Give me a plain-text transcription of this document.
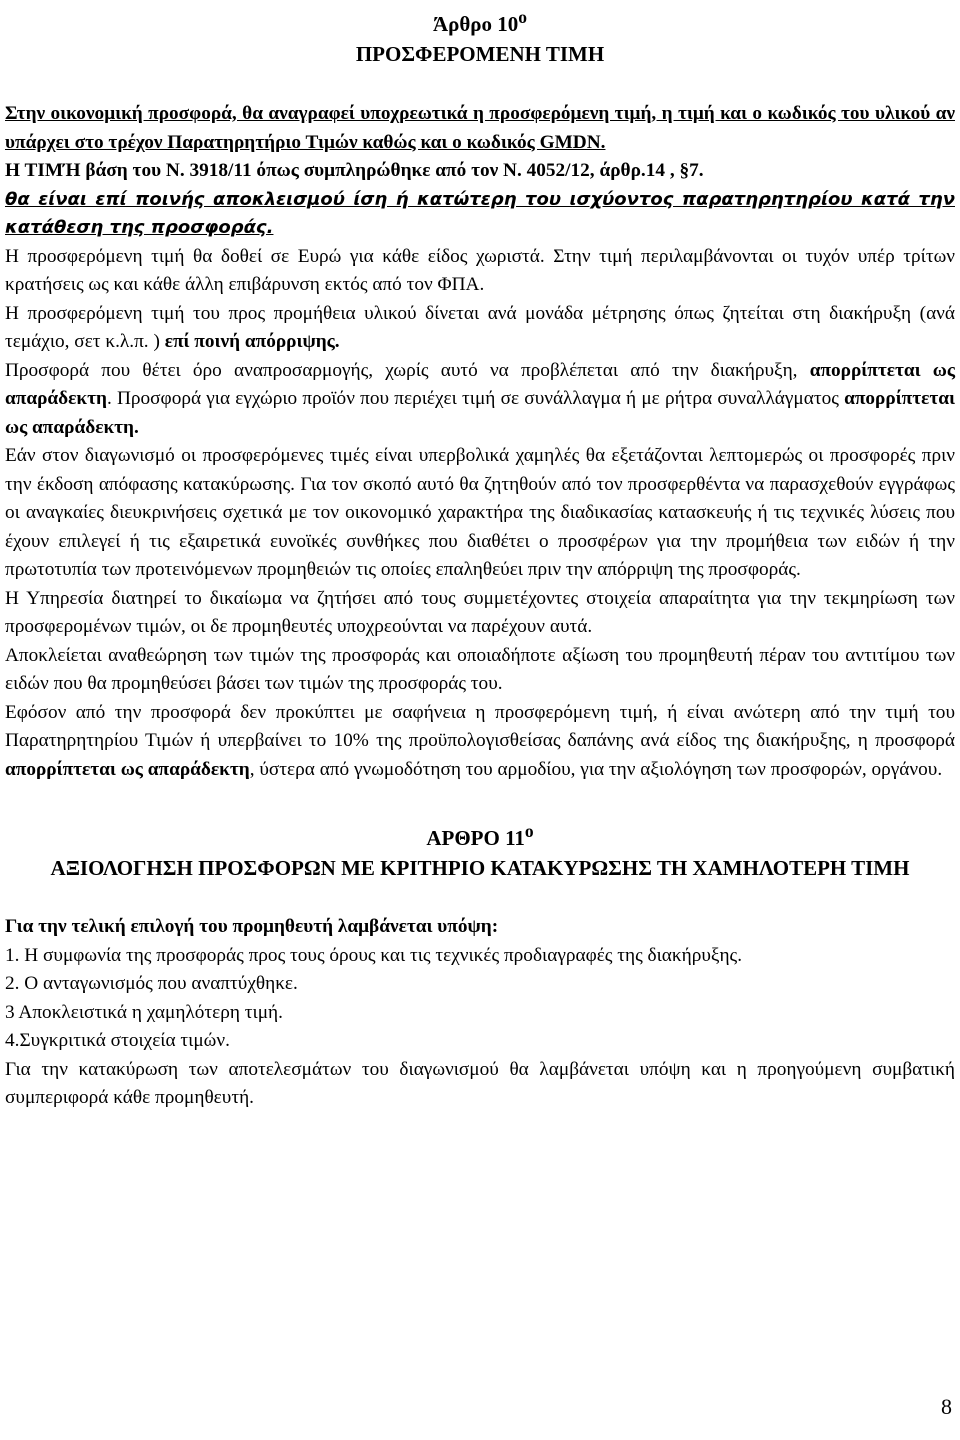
Άρθρο $10^o$
ΠΡΟΣΦΕΡΟΜΕΝΗ ΤΙΜΗ

Στην οικονομική προσφορά, θα αναγραφεί υποχρεωτικά η προσφερόμενη τιμή, η τιμή και ο κωδικός του υλικού αν υπάρχει στο τρέχον Παρατηρητήριο Τιμών καθώς και ο κωδικός GMDN.

Η ΤΙΜΉ βάση του Ν. 3918/11 όπως συμπληρώθηκε από τον Ν. 4052/12, άρθρ.14 , §7.

θα είναι επί ποινής αποκλεισμού ίση ή κατώτερη του ισχύοντος παρατηρητηρίου κατά την κατάθεση της προσφοράς.

Η προσφερόμενη τιμή θα δοθεί σε Ευρώ για κάθε είδος χωριστά. Στην τιμή περιλαμβάνονται οι τυχόν υπέρ τρίτων κρατήσεις ως και κάθε άλλη επιβάρυνση εκτός από τον ΦΠΑ.

Η προσφερόμενη τιμή του προς προμήθεια υλικού δίνεται ανά μονάδα μέτρησης όπως ζητείται στη διακήρυξη (ανά τεμάχιο, σετ κ.λ.π. ) επί ποινή απόρριψης.

Προσφορά που θέτει όρο αναπροσαρμογής, χωρίς αυτό να προβλέπεται από την διακήρυξη, απορρίπτεται ως απαράδεκτη. Προσφορά για εγχώριο προϊόν που περιέχει τιμή σε συνάλλαγμα ή με ρήτρα συναλλάγματος απορρίπτεται ως απαράδεκτη.

Εάν στον διαγωνισμό οι προσφερόμενες τιμές είναι υπερβολικά χαμηλές θα εξετάζονται λεπτομερώς οι προσφορές πριν την έκδοση απόφασης κατακύρωσης. Για τον σκοπό αυτό θα ζητηθούν από τον προσφερθέντα να παρασχεθούν εγγράφως οι αναγκαίες διευκρινήσεις σχετικά με τον οικονομικό χαρακτήρα της διαδικασίας κατασκευής ή τις τεχνικές λύσεις που έχουν επιλεγεί ή τις εξαιρετικά ευνοϊκές συνθήκες που διαθέτει ο προσφέρων για την προμήθεια των ειδών ή την πρωτοτυπία των προτεινόμενων προμηθειών τις οποίες επαληθεύει πριν την απόρριψη της προσφοράς.

Η Υπηρεσία διατηρεί το δικαίωμα να ζητήσει από τους συμμετέχοντες στοιχεία απαραίτητα για την τεκμηρίωση των προσφερομένων τιμών, οι δε προμηθευτές υποχρεούνται να παρέχουν αυτά.

Αποκλείεται αναθεώρηση των τιμών της προσφοράς και οποιαδήποτε αξίωση του προμηθευτή πέραν του αντιτίμου των ειδών που θα προμηθεύσει βάσει των τιμών της προσφοράς του.

Εφόσον από την προσφορά δεν προκύπτει με σαφήνεια η προσφερόμενη τιμή, ή είναι ανώτερη από την τιμή του Παρατηρητηρίου Τιμών ή υπερβαίνει το 10% της προϋπολογισθείσας δαπάνης ανά είδος της διακήρυξης, η προσφορά απορρίπτεται ως απαράδεκτη, ύστερα από γνωμοδότηση του αρμοδίου, για την αξιολόγηση των προσφορών, οργάνου.

ΑΡΘΡΟ $11^o$
ΑΞΙΟΛΟΓΗΣΗ ΠΡΟΣΦΟΡΩΝ ΜΕ ΚΡΙΤΗΡΙΟ ΚΑΤΑΚΥΡΩΣΗΣ ΤΗ ΧΑΜΗΛΟΤΕΡΗ ΤΙΜΗ

Για την τελική επιλογή του προμηθευτή λαμβάνεται υπόψη:

1. Η συμφωνία της προσφοράς προς τους όρους και τις τεχνικές προδιαγραφές της διακήρυξης.

2. Ο ανταγωνισμός που αναπτύχθηκε.

3 Αποκλειστικά η χαμηλότερη τιμή.

4.Συγκριτικά στοιχεία τιμών.

Για την κατακύρωση των αποτελεσμάτων του διαγωνισμού θα λαμβάνεται υπόψη και η προηγούμενη συμβατική συμπεριφορά κάθε προμηθευτή.

8
